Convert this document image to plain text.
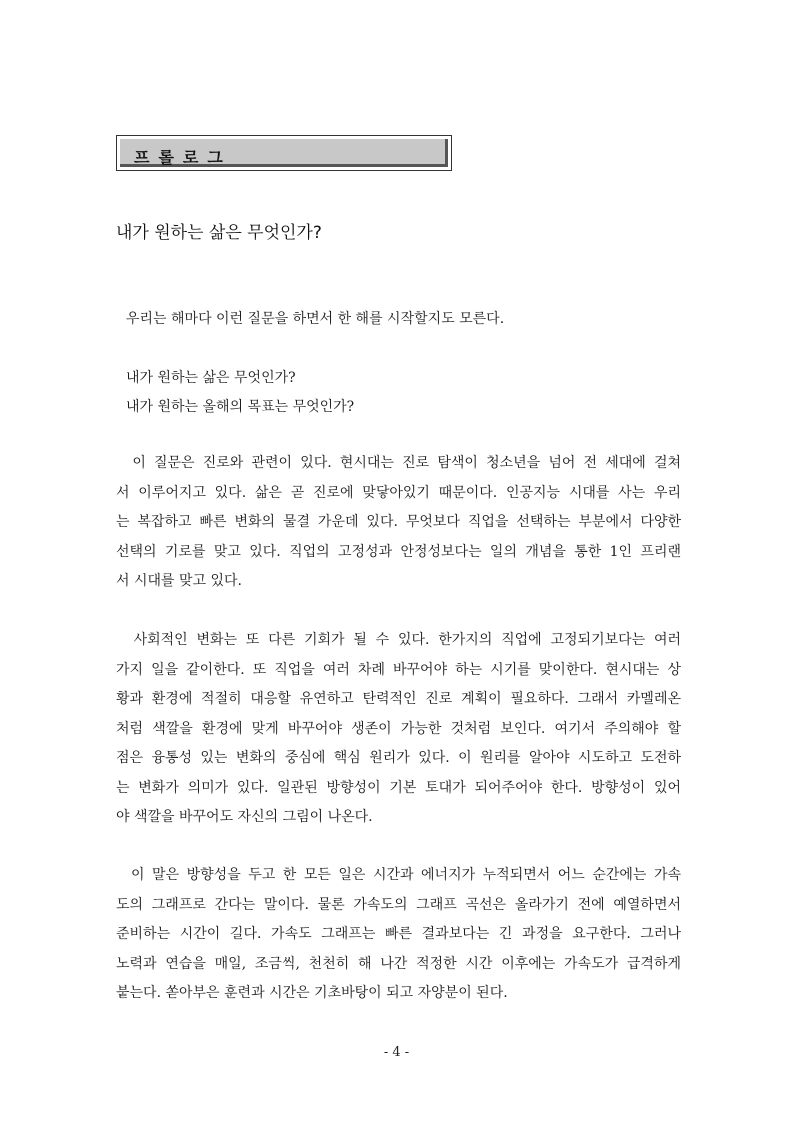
프롤로그
내가 원하는 삶은 무엇인가?
우리는 해마다 이런 질문을 하면서 한 해를 시작할지도 모른다.
내가 원하는 삶은 무엇인가?
내가 원하는 올해의 목표는 무엇인가?
이 질문은 진로와 관련이 있다. 현시대는 진로 탐색이 청소년을 넘어 전 세대에 걸쳐
서 이루어지고 있다. 삶은 곧 진로에 맞닿아있기 때문이다. 인공지능 시대를 사는 우리
는 복잡하고 빠른 변화의 물결 가운데 있다. 무엇보다 직업을 선택하는 부분에서 다양한
선택의 기로를 맞고 있다. 직업의 고정성과 안정성보다는 일의 개념을 통한 1인 프리랜
서 시대를 맞고 있다.
사회적인 변화는 또 다른 기회가 될 수 있다. 한가지의 직업에 고정되기보다는 여러
가지 일을 같이한다. 또 직업을 여러 차례 바꾸어야 하는 시기를 맞이한다. 현시대는 상
황과 환경에 적절히 대응할 유연하고 탄력적인 진로 계획이 필요하다. 그래서 카멜레온
처럼 색깔을 환경에 맞게 바꾸어야 생존이 가능한 것처럼 보인다. 여기서 주의해야 할
점은 융통성 있는 변화의 중심에 핵심 원리가 있다. 이 원리를 알아야 시도하고 도전하
는 변화가 의미가 있다. 일관된 방향성이 기본 토대가 되어주어야 한다. 방향성이 있어
야 색깔을 바꾸어도 자신의 그림이 나온다.
이 말은 방향성을 두고 한 모든 일은 시간과 에너지가 누적되면서 어느 순간에는 가속
도의 그래프로 간다는 말이다. 물론 가속도의 그래프 곡선은 올라가기 전에 예열하면서
준비하는 시간이 길다. 가속도 그래프는 빠른 결과보다는 긴 과정을 요구한다. 그러나
노력과 연습을 매일, 조금씩, 천천히 해 나간 적정한 시간 이후에는 가속도가 급격하게
붙는다. 쏟아부은 훈련과 시간은 기초바탕이 되고 자양분이 된다.
- 4 -
